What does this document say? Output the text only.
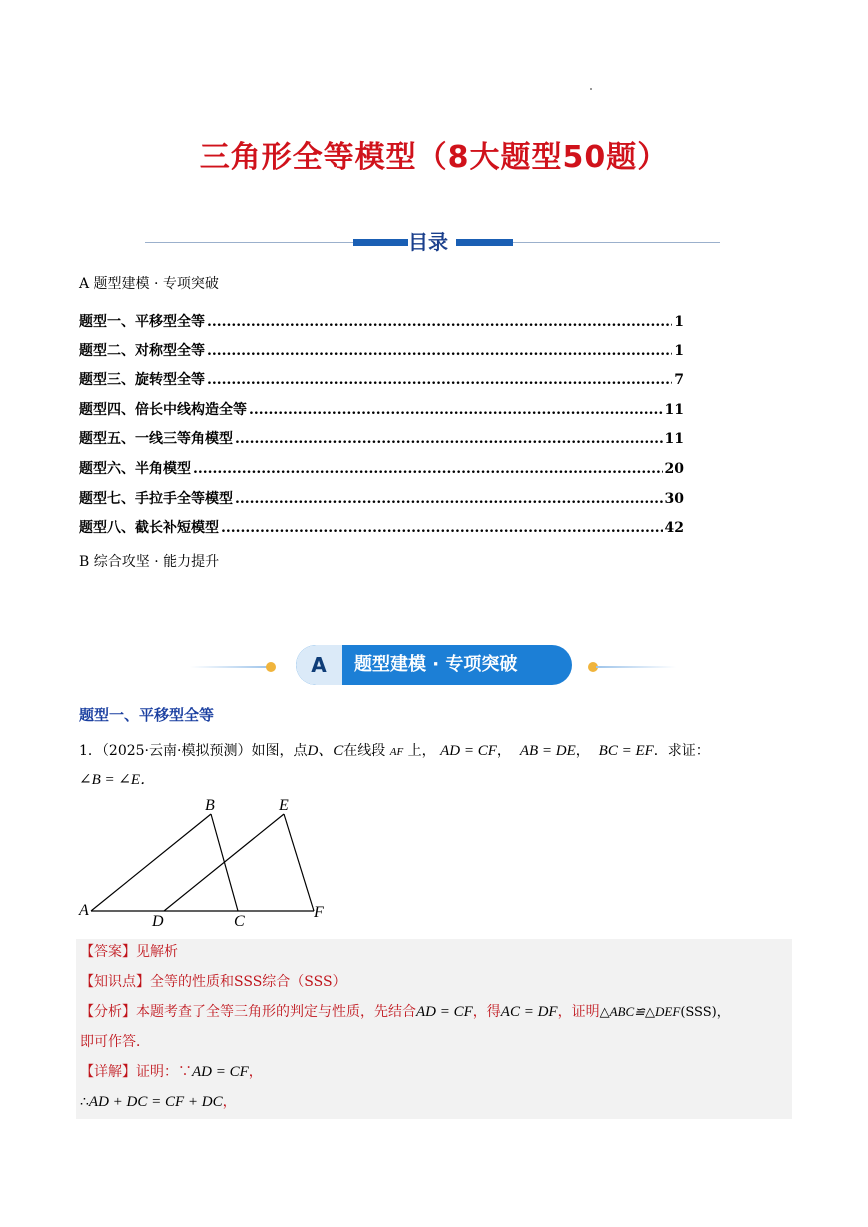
三角形全等模型（8大题型50题）
目录
A 题型建模 · 专项突破
题型一、平移型全等 .....	1
题型二、对称型全等 .....	1
题型三、旋转型全等 .....	7
题型四、倍长中线构造全等 .....	11
题型五、一线三等角模型 .....	11
题型六、半角模型 .....	20
题型七、手拉手全等模型 .....	30
题型八、截长补短模型 .....	42
B 综合攻坚 · 能力提升
A	题型建模 · 专项突破
题型一、平移型全等
1．（2025·云南·模拟预测）如图，点D、C在线段 AF 上， AD = CF，  AB = DE，  BC = EF．求证：
∠B = ∠E．
A
B
C
D
E
F
【答案】见解析
【知识点】全等的性质和SSS综合（SSS）
【分析】本题考查了全等三角形的判定与性质，先结合AD = CF，得AC = DF，证明△ABC≌△DEF(SSS)，
即可作答．
【详解】证明：∵AD = CF，
∴AD + DC = CF + DC，
